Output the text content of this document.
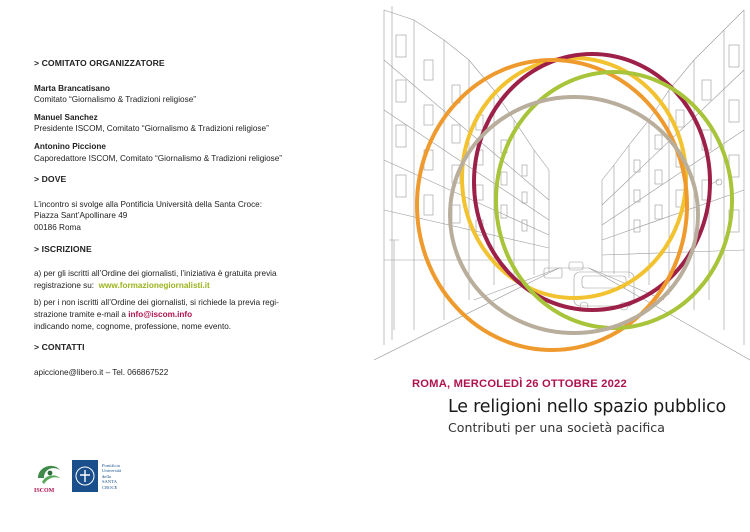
> COMITATO ORGANIZZATORE
Marta Brancatisano
Comitato “Giornalismo & Tradizioni religiose”
Manuel Sanchez
Presidente ISCOM, Comitato “Giornalismo & Tradizioni religiose”
Antonino Piccione
Caporedattore ISCOM, Comitato “Giornalismo & Tradizioni religiose”
> DOVE
L’incontro si svolge alla Pontificia Università della Santa Croce:
Piazza Sant’Apollinare 49
00186 Roma
> ISCRIZIONE
a) per gli iscritti all’Ordine dei giornalisti, l’iniziativa è gratuita previa
registrazione su: www.formazionegiornalisti.it
b) per i non iscritti all’Ordine dei giornalisti, si richiede la previa regi-
strazione tramite e-mail a info@iscom.info
indicando nome, cognome, professione, nome evento.
> CONTATTI
apiccione@libero.it – Tel. 066867522
ROMA, MERCOLEDÌ 26 OTTOBRE 2022
Le religioni nello spazio pubblico
Contributi per una società pacifica
ISCOM
Pontificia
Università
della
SANTA
CROCE
